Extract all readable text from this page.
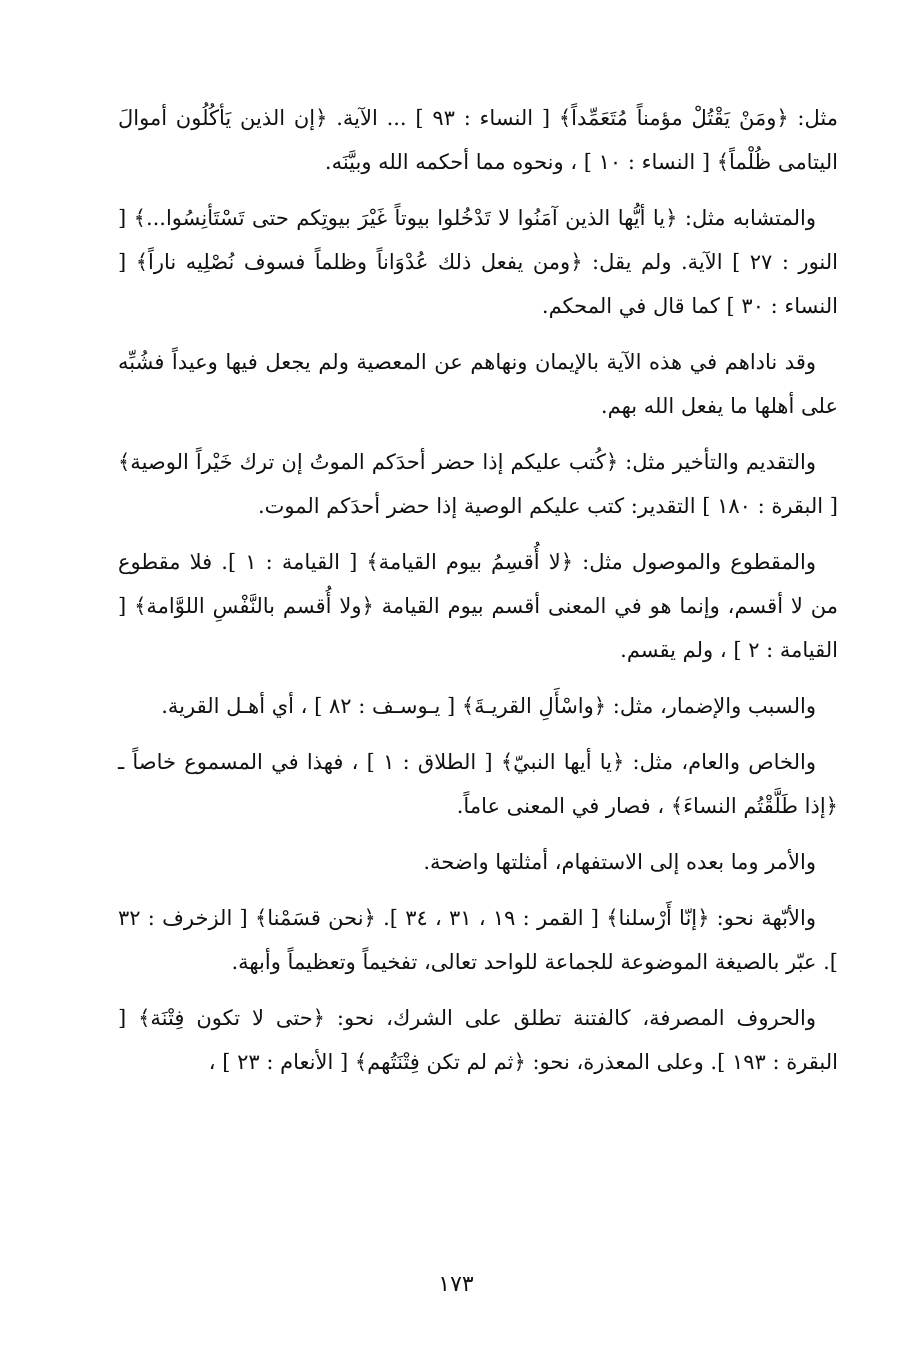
مثل: ﴿ومَنْ يَقْتُلْ مؤمناً مُتَعَمِّداً﴾ [ النساء : ٩٣ ] ... الآية. ﴿إن الذين يَأكُلُون أموالَ اليتامى ظُلْماً﴾ [ النساء : ١٠ ] ، ونحوه مما أحكمه الله وبيَّنَه.

والمتشابه مثل: ﴿يا أيُّها الذين آمَنُوا لا تَدْخُلوا بيوتاً غَيْرَ بيوتِكم حتى تَسْتَأنِسُوا...﴾ [ النور : ٢٧ ] الآية. ولم يقل: ﴿ومن يفعل ذلك عُدْوَاناً وظلماً فسوف نُصْلِيه ناراً﴾ [ النساء : ٣٠ ] كما قال في المحكم.

وقد ناداهم في هذه الآية بالإيمان ونهاهم عن المعصية ولم يجعل فيها وعيداً فشُبِّه على أهلها ما يفعل الله بهم.

والتقديم والتأخير مثل: ﴿كُتب عليكم إذا حضر أحدَكم الموتُ إن ترك خَيْراً الوصية﴾ [ البقرة : ١٨٠ ] التقدير: كتب عليكم الوصية إذا حضر أحدَكم الموت.

والمقطوع والموصول مثل: ﴿لا أُقسِمُ بيوم القيامة﴾ [ القيامة : ١ ]. فلا مقطوع من لا أقسم، وإنما هو في المعنى أقسم بيوم القيامة ﴿ولا أُقسم بالنَّفْسِ اللوَّامة﴾ [ القيامة : ٢ ] ، ولم يقسم.

والسبب والإضمار، مثل: ﴿واسْأَلِ القريـةَ﴾ [ يـوسـف : ٨٢ ] ، أي أهـل القرية.

والخاص والعام، مثل: ﴿يا أيها النبيّ﴾ [ الطلاق : ١ ] ، فهذا في المسموع خاصاً ـ ﴿إذا طَلَّقْتُم النساءَ﴾ ، فصار في المعنى عاماً.

والأمر وما بعده إلى الاستفهام، أمثلتها واضحة.

والأبّهة نحو: ﴿إنّا أَرْسلنا﴾ [ القمر : ١٩ ، ٣١ ، ٣٤ ]. ﴿نحن قسَمْنا﴾ [ الزخرف : ٣٢ ]. عبّر بالصيغة الموضوعة للجماعة للواحد تعالى، تفخيماً وتعظيماً وأبهة.

والحروف المصرفة، كالفتنة تطلق على الشرك، نحو: ﴿حتى لا تكون فِتْنَة﴾ [ البقرة : ١٩٣ ]. وعلى المعذرة، نحو: ﴿ثم لم تكن فِتْنَتُهم﴾ [ الأنعام : ٢٣ ] ،

١٧٣
